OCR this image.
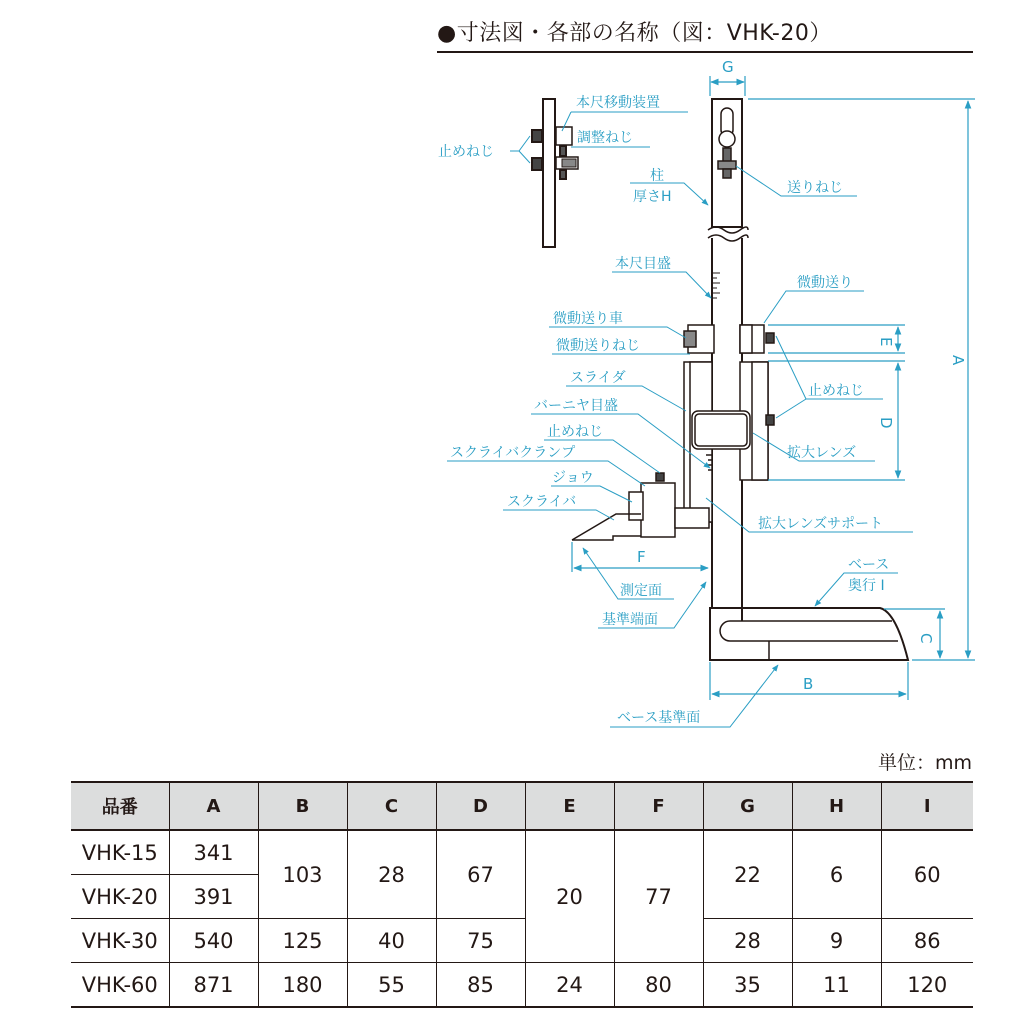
●寸法図・各部の名称（図：VHK-20）
本尺移動装置
調整ねじ
止めねじ
G
A
E
D
C
F
B
柱
厚さH
送りねじ
本尺目盛
微動送り
微動送り車
微動送りねじ
スライダ
バーニヤ目盛
止めねじ
スクライバクランプ
ジョウ
スクライバ
止めねじ
拡大レンズ
拡大レンズサポート
測定面
基準端面
ベース
奥行 I
ベース基準面
単位：mm
品番	A	B	C	D	E	F	G	H	I
VHK-15	341	103	28	67	20	77	22	6	60
VHK-20	391								
VHK-30	540	125	40	75			28	9	86
VHK-60	871	180	55	85	24	80	35	11	120
